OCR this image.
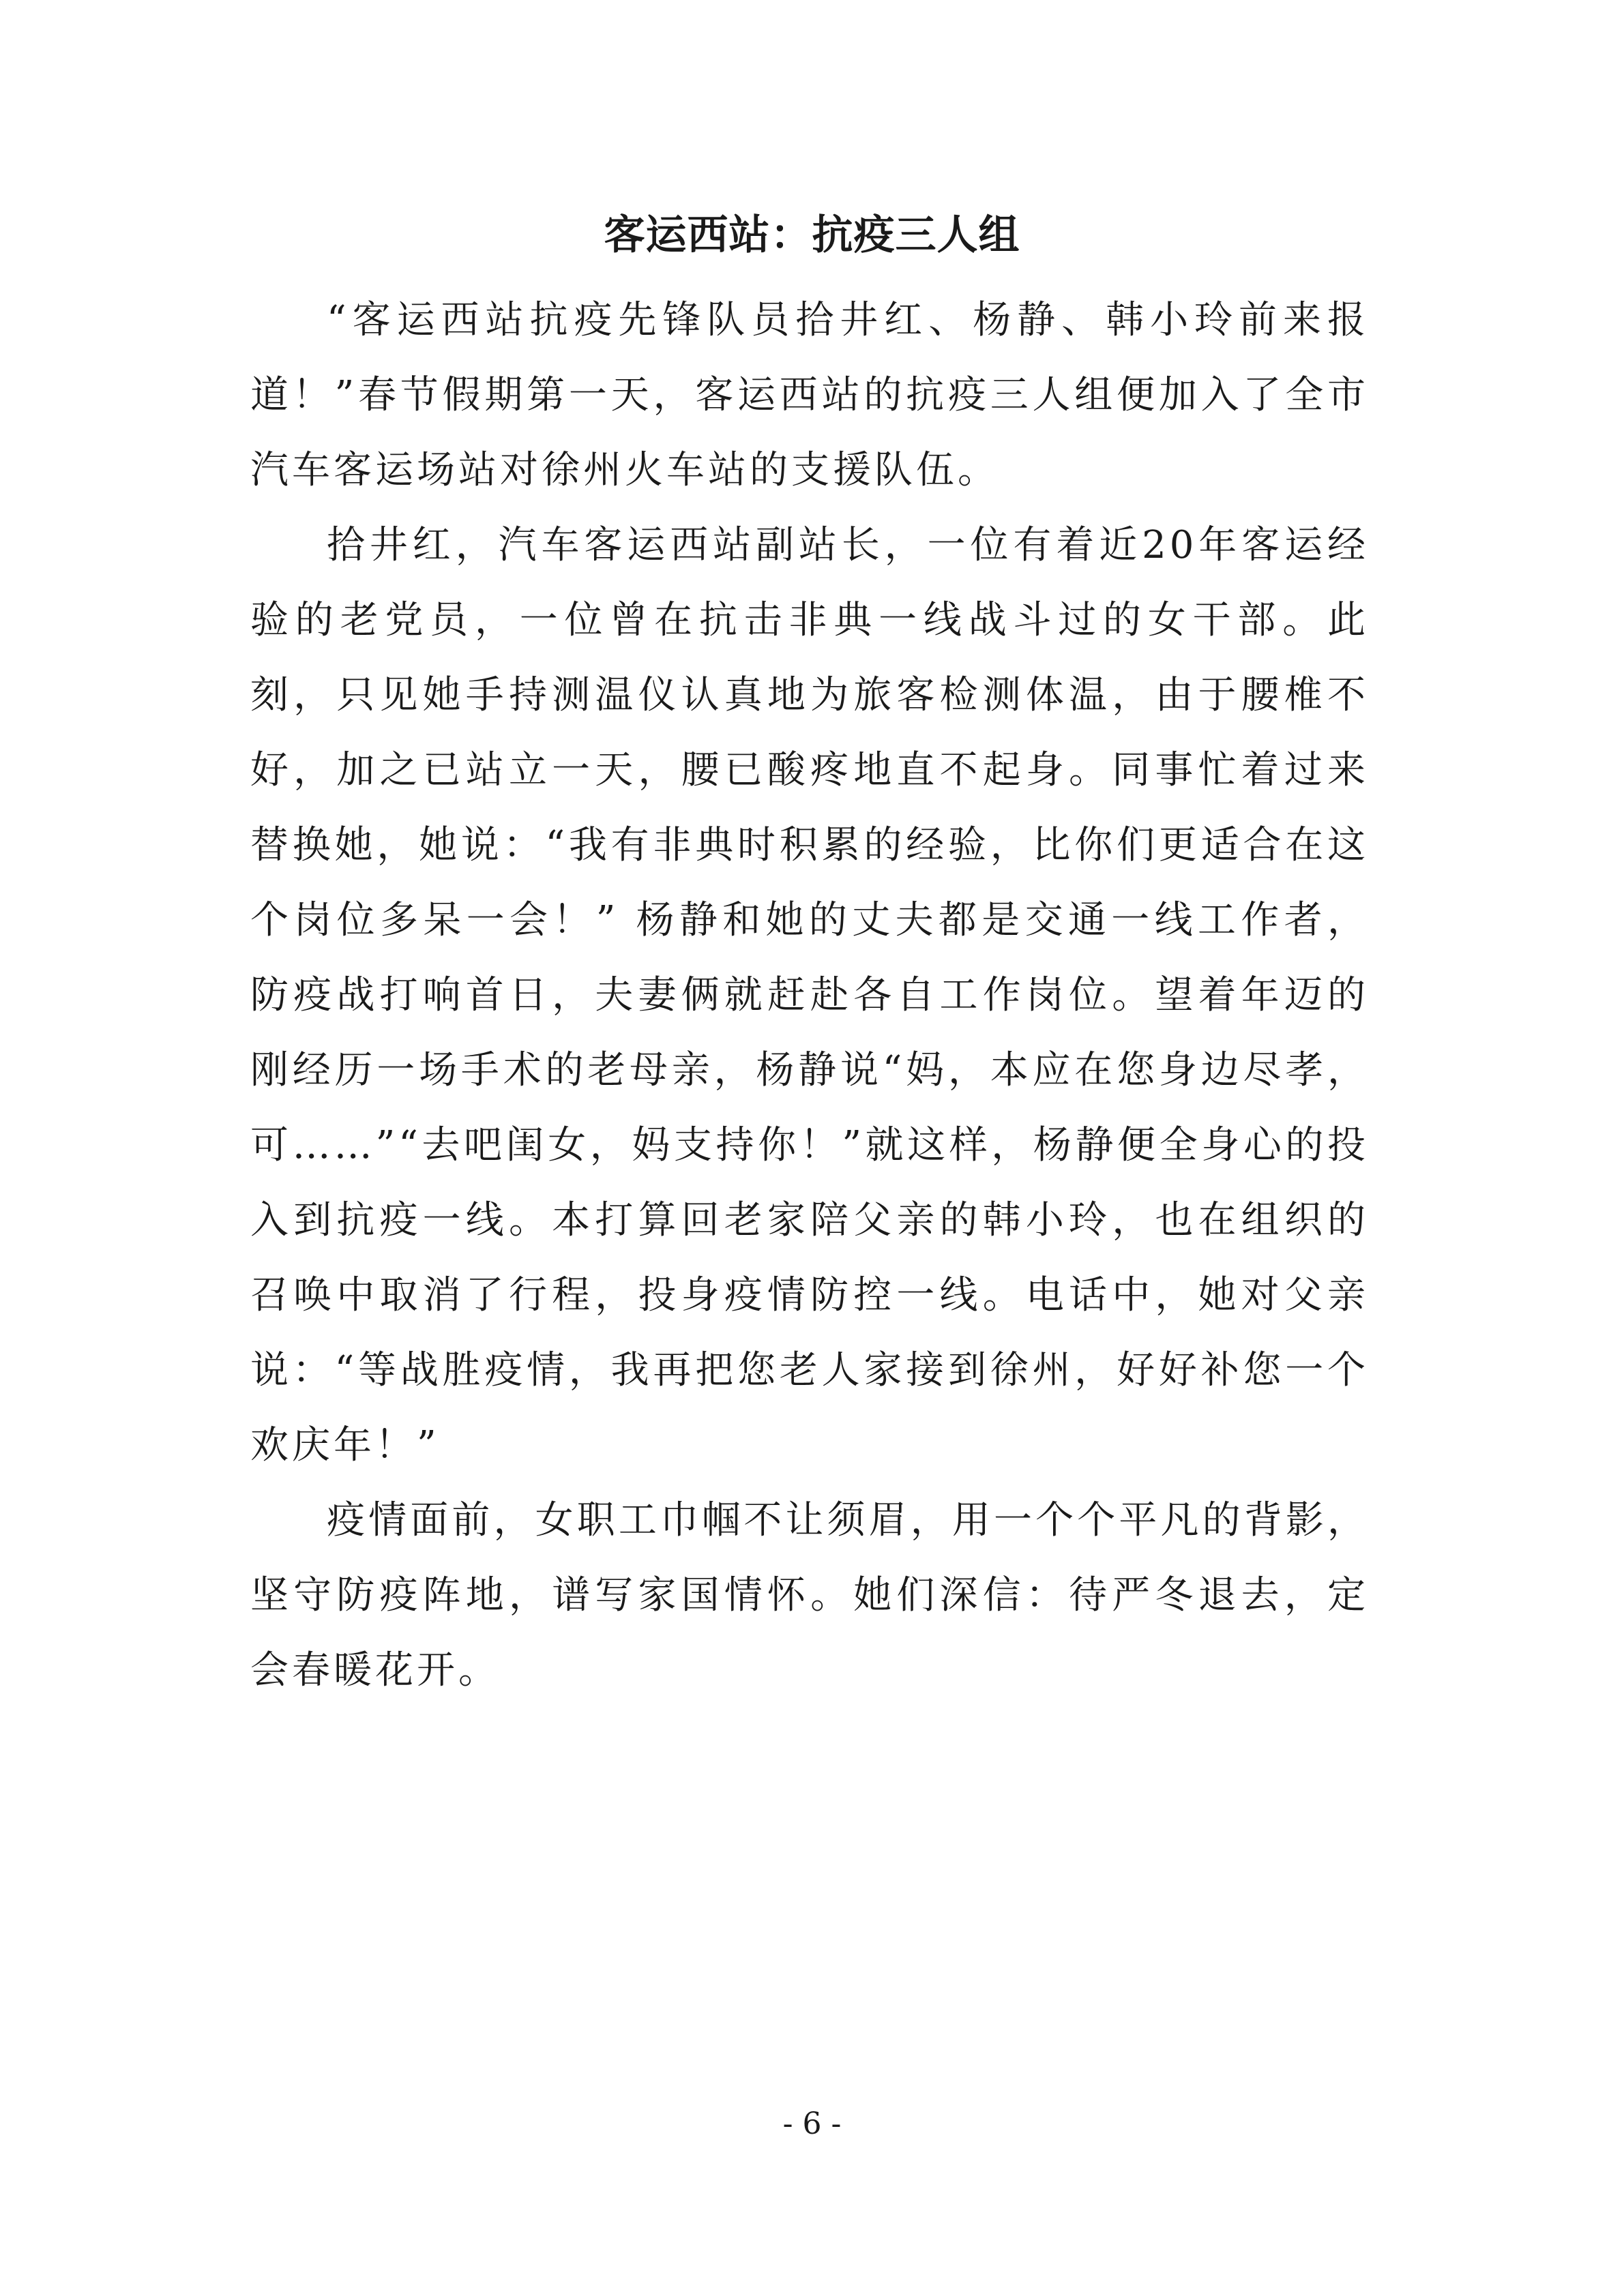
客运西站：抗疫三人组

“客运西站抗疫先锋队员拾井红、杨静、韩小玲前来报道！”春节假期第一天，客运西站的抗疫三人组便加入了全市汽车客运场站对徐州火车站的支援队伍。

拾井红，汽车客运西站副站长，一位有着近20年客运经验的老党员，一位曾在抗击非典一线战斗过的女干部。此刻，只见她手持测温仪认真地为旅客检测体温，由于腰椎不好，加之已站立一天，腰已酸疼地直不起身。同事忙着过来替换她，她说：“我有非典时积累的经验，比你们更适合在这个岗位多呆一会！” 杨静和她的丈夫都是交通一线工作者，防疫战打响首日，夫妻俩就赶赴各自工作岗位。望着年迈的刚经历一场手术的老母亲，杨静说“妈，本应在您身边尽孝，可……”“去吧闺女，妈支持你！”就这样，杨静便全身心的投入到抗疫一线。本打算回老家陪父亲的韩小玲，也在组织的召唤中取消了行程，投身疫情防控一线。电话中，她对父亲说：“等战胜疫情，我再把您老人家接到徐州，好好补您一个欢庆年！”

疫情面前，女职工巾帼不让须眉，用一个个平凡的背影，坚守防疫阵地，谱写家国情怀。她们深信：待严冬退去，定会春暖花开。

- 6 -
